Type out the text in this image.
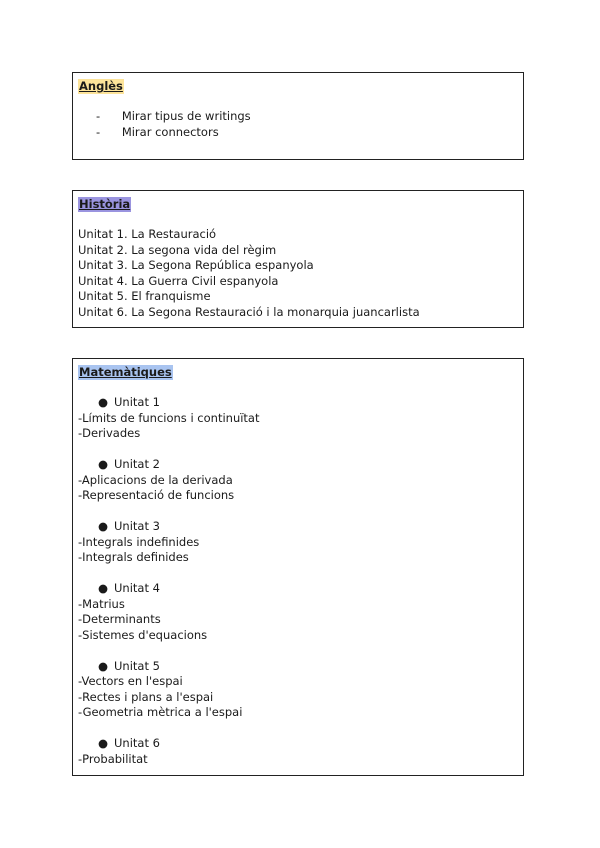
Anglès
- Mirar tipus de writings
- Mirar connectors
Història
Unitat 1. La Restauració
Unitat 2. La segona vida del règim
Unitat 3. La Segona República espanyola
Unitat 4. La Guerra Civil espanyola
Unitat 5. El franquisme
Unitat 6. La Segona Restauració i la monarquia juancarlista
Matemàtiques
● Unitat 1
-Límits de funcions i continuïtat
-Derivades
● Unitat 2
-Aplicacions de la derivada
-Representació de funcions
● Unitat 3
-Integrals indefinides
-Integrals definides
● Unitat 4
-Matrius
-Determinants
-Sistemes d'equacions
● Unitat 5
-Vectors en l'espai
-Rectes i plans a l'espai
-Geometria mètrica a l'espai
● Unitat 6
-Probabilitat
